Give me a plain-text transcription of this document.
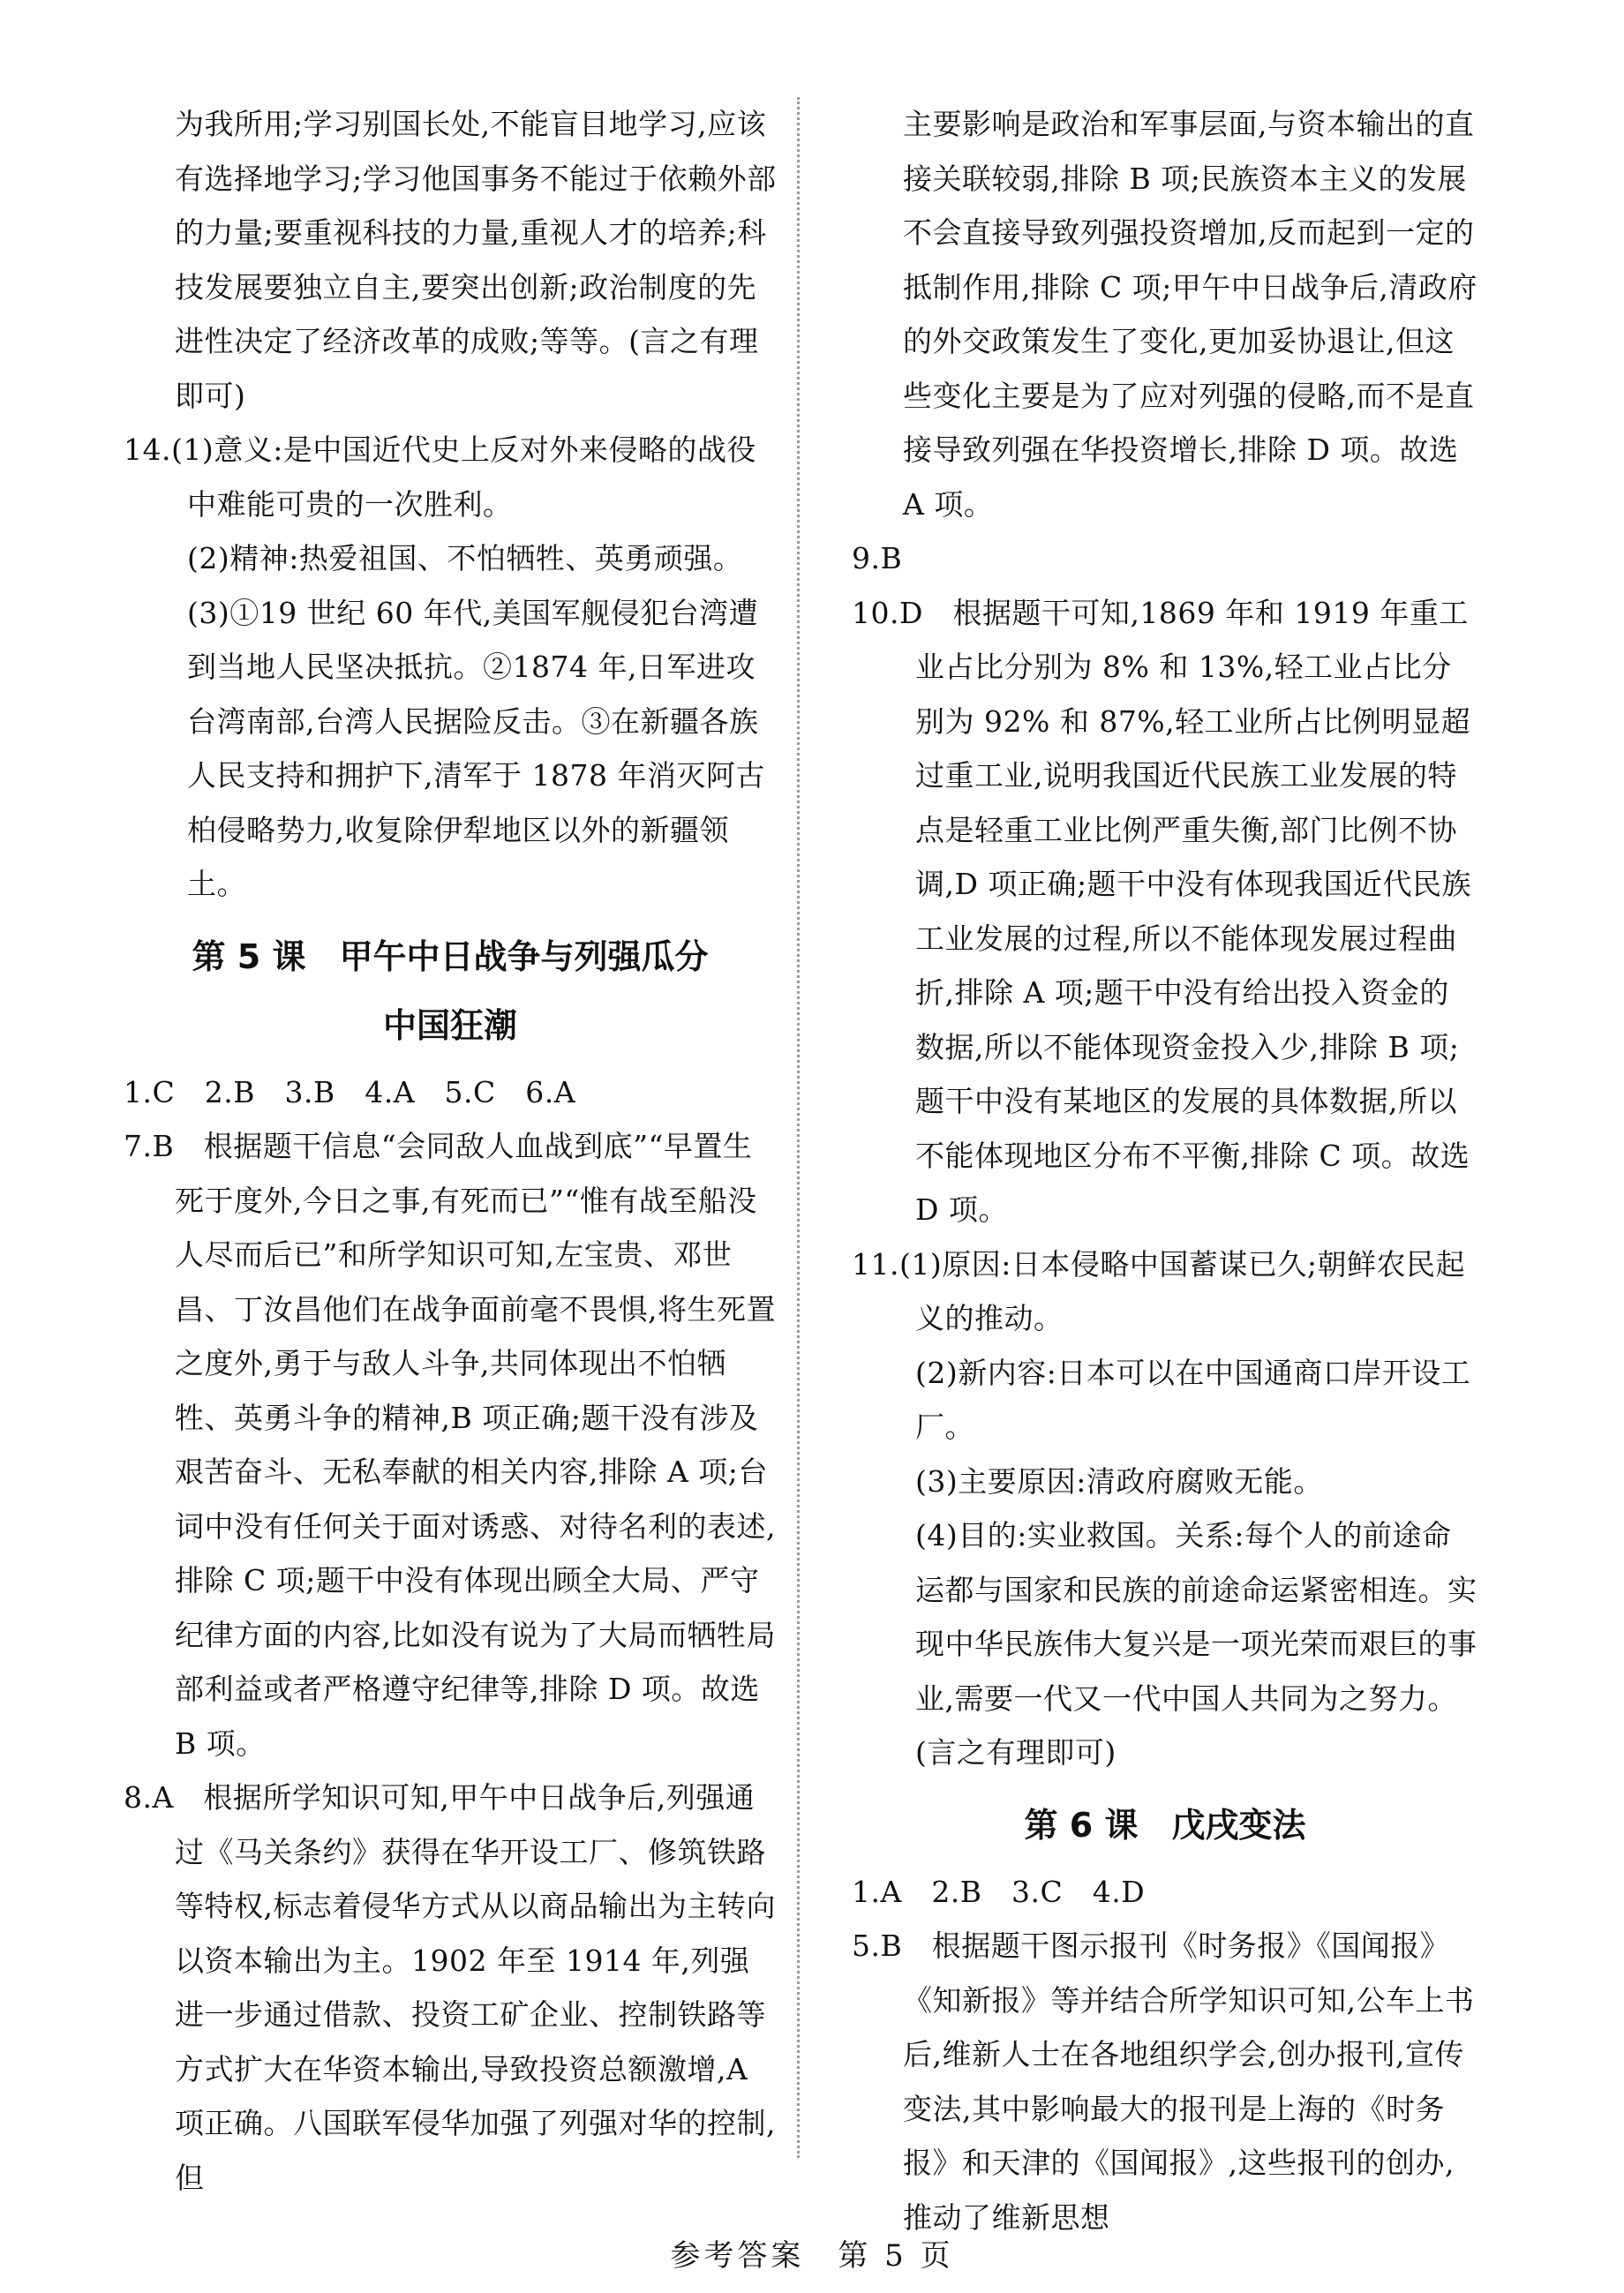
为我所用;学习别国长处,不能盲目地学习,应该有选择地学习;学习他国事务不能过于依赖外部的力量;要重视科技的力量,重视人才的培养;科技发展要独立自主,要突出创新;政治制度的先进性决定了经济改革的成败;等等。(言之有理即可)

14.(1)意义:是中国近代史上反对外来侵略的战役中难能可贵的一次胜利。

(2)精神:热爱祖国、不怕牺牲、英勇顽强。

(3)①19 世纪 60 年代,美国军舰侵犯台湾遭到当地人民坚决抵抗。②1874 年,日军进攻台湾南部,台湾人民据险反击。③在新疆各族人民支持和拥护下,清军于 1878 年消灭阿古柏侵略势力,收复除伊犁地区以外的新疆领土。

第 5 课　甲午中日战争与列强瓜分
中国狂潮

1.C　2.B　3.B　4.A　5.C　6.A

7.B　根据题干信息“会同敌人血战到底”“早置生死于度外,今日之事,有死而已”“惟有战至船没人尽而后已”和所学知识可知,左宝贵、邓世昌、丁汝昌他们在战争面前毫不畏惧,将生死置之度外,勇于与敌人斗争,共同体现出不怕牺牲、英勇斗争的精神,B 项正确;题干没有涉及艰苦奋斗、无私奉献的相关内容,排除 A 项;台词中没有任何关于面对诱惑、对待名利的表述,排除 C 项;题干中没有体现出顾全大局、严守纪律方面的内容,比如没有说为了大局而牺牲局部利益或者严格遵守纪律等,排除 D 项。故选 B 项。

8.A　根据所学知识可知,甲午中日战争后,列强通过《马关条约》获得在华开设工厂、修筑铁路等特权,标志着侵华方式从以商品输出为主转向以资本输出为主。1902 年至 1914 年,列强进一步通过借款、投资工矿企业、控制铁路等方式扩大在华资本输出,导致投资总额激增,A 项正确。八国联军侵华加强了列强对华的控制,但

主要影响是政治和军事层面,与资本输出的直接关联较弱,排除 B 项;民族资本主义的发展不会直接导致列强投资增加,反而起到一定的抵制作用,排除 C 项;甲午中日战争后,清政府的外交政策发生了变化,更加妥协退让,但这些变化主要是为了应对列强的侵略,而不是直接导致列强在华投资增长,排除 D 项。故选 A 项。

9.B

10.D　根据题干可知,1869 年和 1919 年重工业占比分别为 8% 和 13%,轻工业占比分别为 92% 和 87%,轻工业所占比例明显超过重工业,说明我国近代民族工业发展的特点是轻重工业比例严重失衡,部门比例不协调,D 项正确;题干中没有体现我国近代民族工业发展的过程,所以不能体现发展过程曲折,排除 A 项;题干中没有给出投入资金的数据,所以不能体现资金投入少,排除 B 项;题干中没有某地区的发展的具体数据,所以不能体现地区分布不平衡,排除 C 项。故选 D 项。

11.(1)原因:日本侵略中国蓄谋已久;朝鲜农民起义的推动。

(2)新内容:日本可以在中国通商口岸开设工厂。

(3)主要原因:清政府腐败无能。

(4)目的:实业救国。关系:每个人的前途命运都与国家和民族的前途命运紧密相连。实现中华民族伟大复兴是一项光荣而艰巨的事业,需要一代又一代中国人共同为之努力。(言之有理即可)

第 6 课　戊戌变法

1.A　2.B　3.C　4.D

5.B　根据题干图示报刊《时务报》《国闻报》《知新报》等并结合所学知识可知,公车上书后,维新人士在各地组织学会,创办报刊,宣传变法,其中影响最大的报刊是上海的《时务报》和天津的《国闻报》,这些报刊的创办,推动了维新思想

参考答案　第 5 页
